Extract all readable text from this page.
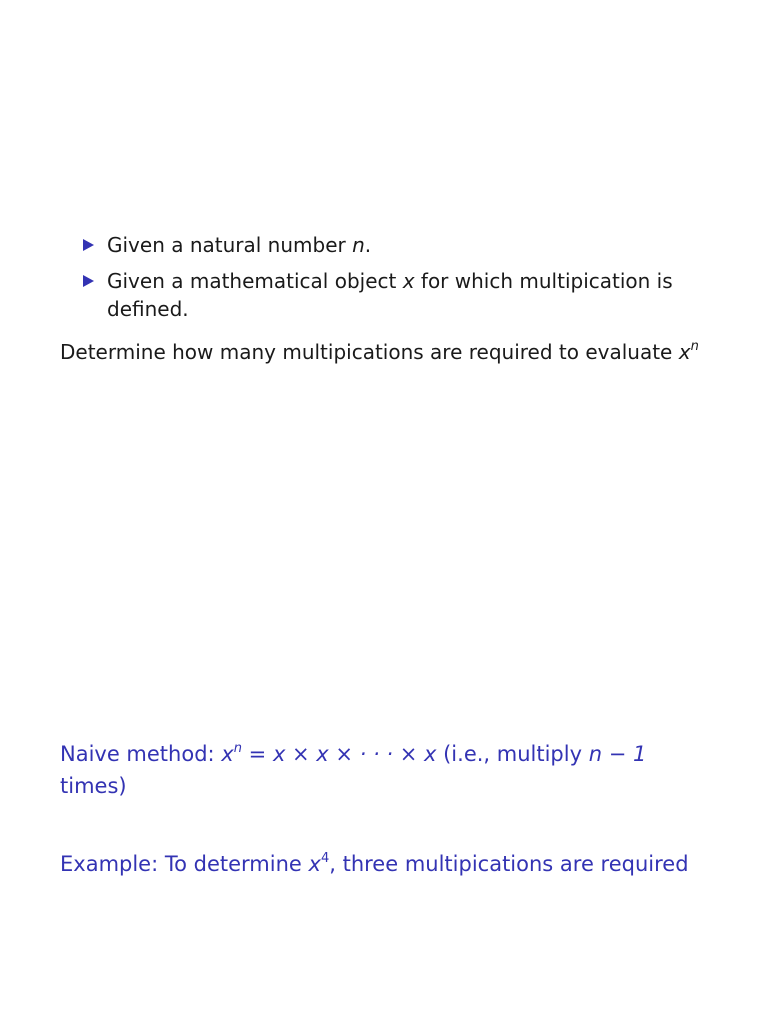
Given a natural number n.
Given a mathematical object x for which multipication is defined.
Determine how many multipications are required to evaluate $x^n$
Naive method: $x^n = x \times x$ × · · · × x (i.e., multiply n − 1 times)
Example: To determine $x^4$, three multipications are required
